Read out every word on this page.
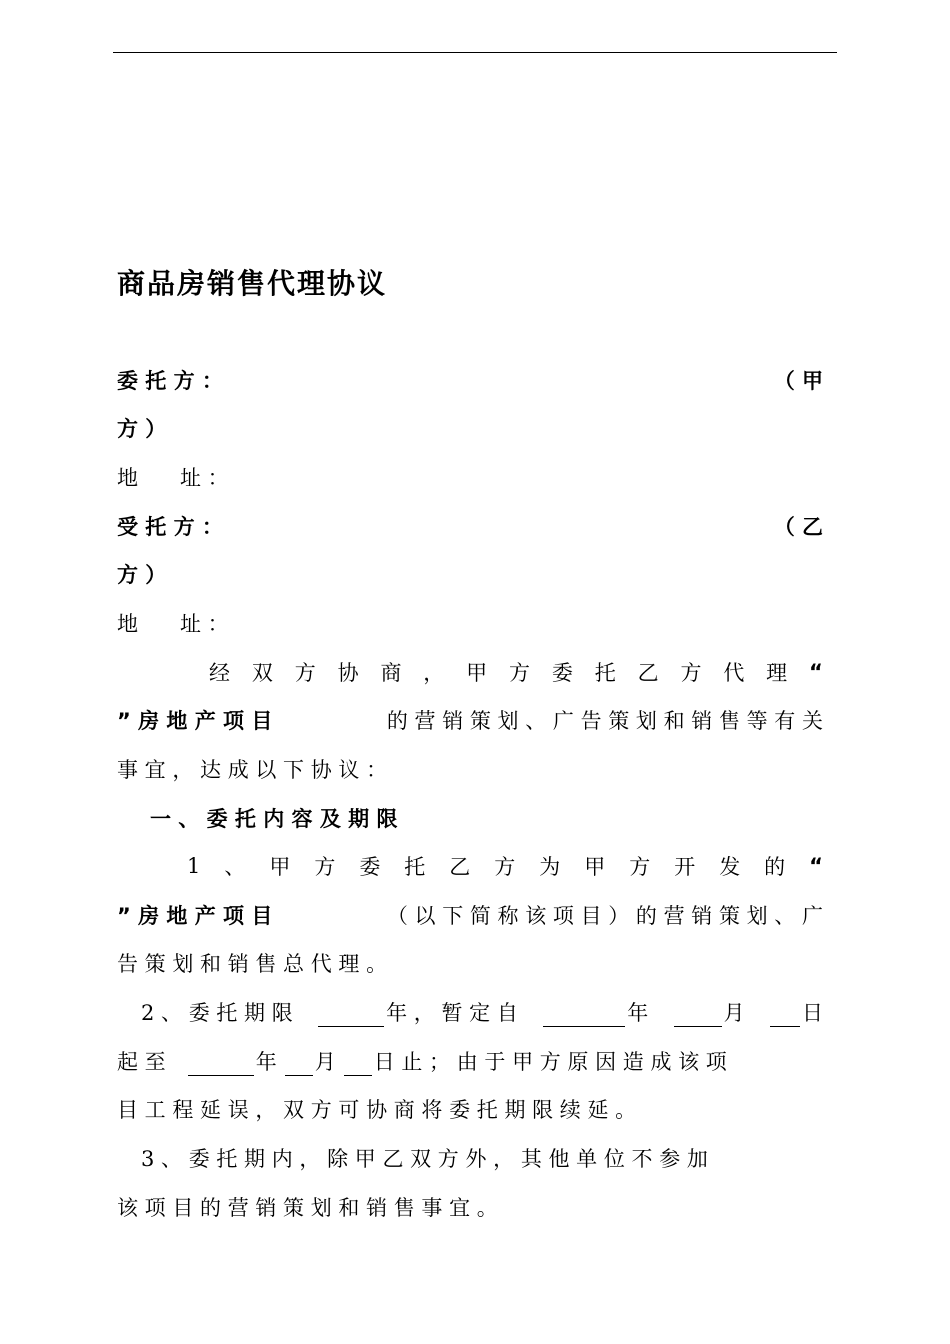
商品房销售代理协议
委 托 方 ：	（ 甲
方 ）
地　　址 ：
受 托 方 ：	（ 乙
方 ）
地　　址 ：
经 双 方 协 商 ， 甲 方 委 托 乙 方 代 理 “
” 房 地 产 项 目	的 营 销 策 划 、 广 告 策 划 和 销 售 等 有 关
事 宜 ， 达 成 以 下 协 议 ：
一 、 委 托 内 容 及 期 限
1 、 甲 方 委 托 乙 方 为 甲 方 开 发 的 “
” 房 地 产 项 目	（ 以 下 简 称 该 项 目 ） 的 营 销 策 划 、 广
告 策 划 和 销 售 总 代 理 。
2 、 委 托 期 限	年 ， 暂 定 自	年	月	日
起 至	年	月	日 止 ； 由 于 甲 方 原 因 造 成 该 项
目 工 程 延 误 ， 双 方 可 协 商 将 委 托 期 限 续 延 。
3 、 委 托 期 内 ， 除 甲 乙 双 方 外 ， 其 他 单 位 不 参 加
该 项 目 的 营 销 策 划 和 销 售 事 宜 。
